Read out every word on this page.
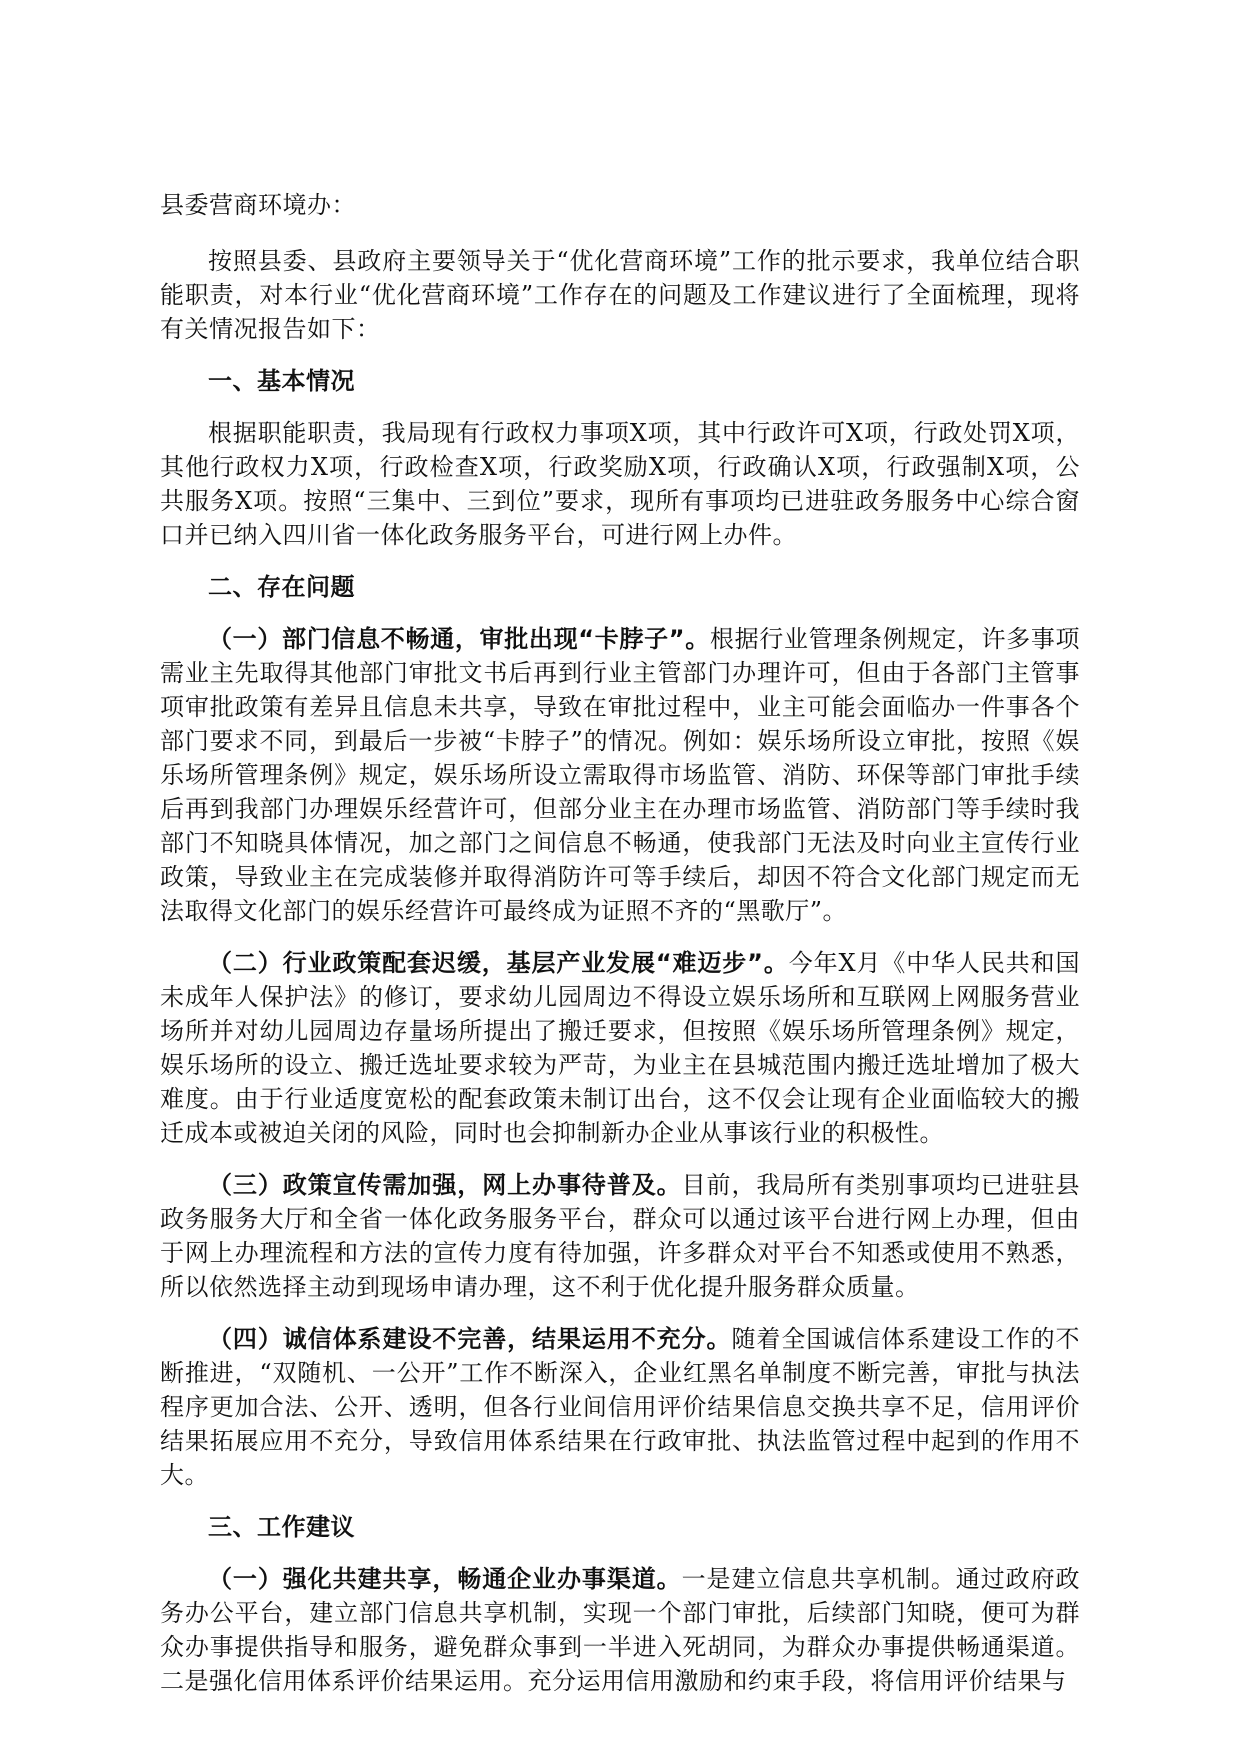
县委营商环境办：

按照县委、县政府主要领导关于“优化营商环境”工作的批示要求，我单位结合职能职责，对本行业“优化营商环境”工作存在的问题及工作建议进行了全面梳理，现将有关情况报告如下：

一、基本情况

根据职能职责，我局现有行政权力事项X项，其中行政许可X项，行政处罚X项，其他行政权力X项，行政检查X项，行政奖励X项，行政确认X项，行政强制X项，公共服务X项。按照“三集中、三到位”要求，现所有事项均已进驻政务服务中心综合窗口并已纳入四川省一体化政务服务平台，可进行网上办件。

二、存在问题

（一）部门信息不畅通，审批出现“卡脖子”。根据行业管理条例规定，许多事项需业主先取得其他部门审批文书后再到行业主管部门办理许可，但由于各部门主管事项审批政策有差异且信息未共享，导致在审批过程中，业主可能会面临办一件事各个部门要求不同，到最后一步被“卡脖子”的情况。例如：娱乐场所设立审批，按照《娱乐场所管理条例》规定，娱乐场所设立需取得市场监管、消防、环保等部门审批手续后再到我部门办理娱乐经营许可，但部分业主在办理市场监管、消防部门等手续时我部门不知晓具体情况，加之部门之间信息不畅通，使我部门无法及时向业主宣传行业政策，导致业主在完成装修并取得消防许可等手续后，却因不符合文化部门规定而无法取得文化部门的娱乐经营许可最终成为证照不齐的“黑歌厅”。

（二）行业政策配套迟缓，基层产业发展“难迈步”。今年X月《中华人民共和国未成年人保护法》的修订，要求幼儿园周边不得设立娱乐场所和互联网上网服务营业场所并对幼儿园周边存量场所提出了搬迁要求，但按照《娱乐场所管理条例》规定，娱乐场所的设立、搬迁选址要求较为严苛，为业主在县城范围内搬迁选址增加了极大难度。由于行业适度宽松的配套政策未制订出台，这不仅会让现有企业面临较大的搬迁成本或被迫关闭的风险，同时也会抑制新办企业从事该行业的积极性。

（三）政策宣传需加强，网上办事待普及。目前，我局所有类别事项均已进驻县政务服务大厅和全省一体化政务服务平台，群众可以通过该平台进行网上办理，但由于网上办理流程和方法的宣传力度有待加强，许多群众对平台不知悉或使用不熟悉，所以依然选择主动到现场申请办理，这不利于优化提升服务群众质量。

（四）诚信体系建设不完善，结果运用不充分。随着全国诚信体系建设工作的不断推进，“双随机、一公开”工作不断深入，企业红黑名单制度不断完善，审批与执法程序更加合法、公开、透明，但各行业间信用评价结果信息交换共享不足，信用评价结果拓展应用不充分，导致信用体系结果在行政审批、执法监管过程中起到的作用不大。

三、工作建议

（一）强化共建共享，畅通企业办事渠道。一是建立信息共享机制。通过政府政务办公平台，建立部门信息共享机制，实现一个部门审批，后续部门知晓，便可为群众办事提供指导和服务，避免群众事到一半进入死胡同，为群众办事提供畅通渠道。二是强化信用体系评价结果运用。充分运用信用激励和约束手段，将信用评价结果与
